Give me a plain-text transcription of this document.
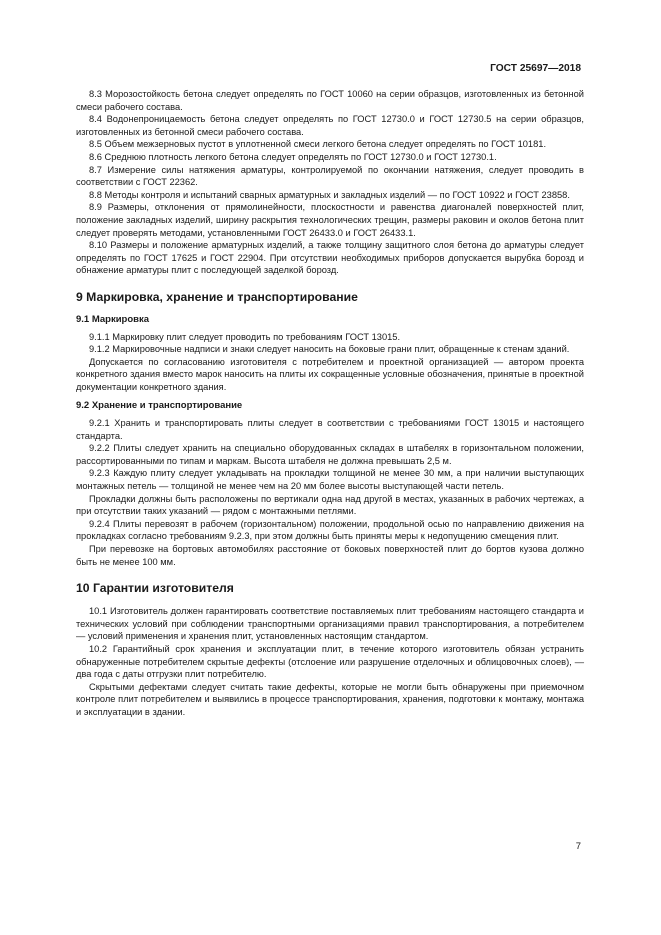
ГОСТ 25697—2018

8.3 Морозостойкость бетона следует определять по ГОСТ 10060 на серии образцов, изготовленных из бетонной смеси рабочего состава.

8.4 Водонепроницаемость бетона следует определять по ГОСТ 12730.0 и ГОСТ 12730.5 на серии образцов, изготовленных из бетонной смеси рабочего состава.

8.5 Объем межзерновых пустот в уплотненной смеси легкого бетона следует определять по ГОСТ 10181.

8.6 Среднюю плотность легкого бетона следует определять по ГОСТ 12730.0 и ГОСТ 12730.1.

8.7 Измерение силы натяжения арматуры, контролируемой по окончании натяжения, следует проводить в соответствии с ГОСТ 22362.

8.8 Методы контроля и испытаний сварных арматурных и закладных изделий — по ГОСТ 10922 и ГОСТ 23858.

8.9 Размеры, отклонения от прямолинейности, плоскостности и равенства диагоналей поверхностей плит, положение закладных изделий, ширину раскрытия технологических трещин, размеры раковин и околов бетона плит следует проверять методами, установленными ГОСТ 26433.0 и ГОСТ 26433.1.

8.10 Размеры и положение арматурных изделий, а также толщину защитного слоя бетона до арматуры следует определять по ГОСТ 17625 и ГОСТ 22904. При отсутствии необходимых приборов допускается вырубка борозд и обнажение арматуры плит с последующей заделкой борозд.

9 Маркировка, хранение и транспортирование
9.1 Маркировка

9.1.1 Маркировку плит следует проводить по требованиям ГОСТ 13015.

9.1.2 Маркировочные надписи и знаки следует наносить на боковые грани плит, обращенные к стенам зданий.

Допускается по согласованию изготовителя с потребителем и проектной организацией — автором проекта конкретного здания вместо марок наносить на плиты их сокращенные условные обозначения, принятые в проектной документации конкретного здания.

9.2 Хранение и транспортирование

9.2.1 Хранить и транспортировать плиты следует в соответствии с требованиями ГОСТ 13015 и настоящего стандарта.

9.2.2 Плиты следует хранить на специально оборудованных складах в штабелях в горизонтальном положении, рассортированными по типам и маркам. Высота штабеля не должна превышать 2,5 м.

9.2.3 Каждую плиту следует укладывать на прокладки толщиной не менее 30 мм, а при наличии выступающих монтажных петель — толщиной не менее чем на 20 мм более высоты выступающей части петель.

Прокладки должны быть расположены по вертикали одна над другой в местах, указанных в рабочих чертежах, а при отсутствии таких указаний — рядом с монтажными петлями.

9.2.4 Плиты перевозят в рабочем (горизонтальном) положении, продольной осью по направлению движения на прокладках согласно требованиям 9.2.3, при этом должны быть приняты меры к недопущению смещения плит.

При перевозке на бортовых автомобилях расстояние от боковых поверхностей плит до бортов кузова должно быть не менее 100 мм.

10 Гарантии изготовителя

10.1 Изготовитель должен гарантировать соответствие поставляемых плит требованиям настоящего стандарта и технических условий при соблюдении транспортными организациями правил транспортирования, а потребителем — условий применения и хранения плит, установленных настоящим стандартом.

10.2 Гарантийный срок хранения и эксплуатации плит, в течение которого изготовитель обязан устранить обнаруженные потребителем скрытые дефекты (отслоение или разрушение отделочных и облицовочных слоев), — два года с даты отгрузки плит потребителю.

Скрытыми дефектами следует считать такие дефекты, которые не могли быть обнаружены при приемочном контроле плит потребителем и выявились в процессе транспортирования, хранения, подготовки к монтажу, монтажа и эксплуатации в здании.

7
